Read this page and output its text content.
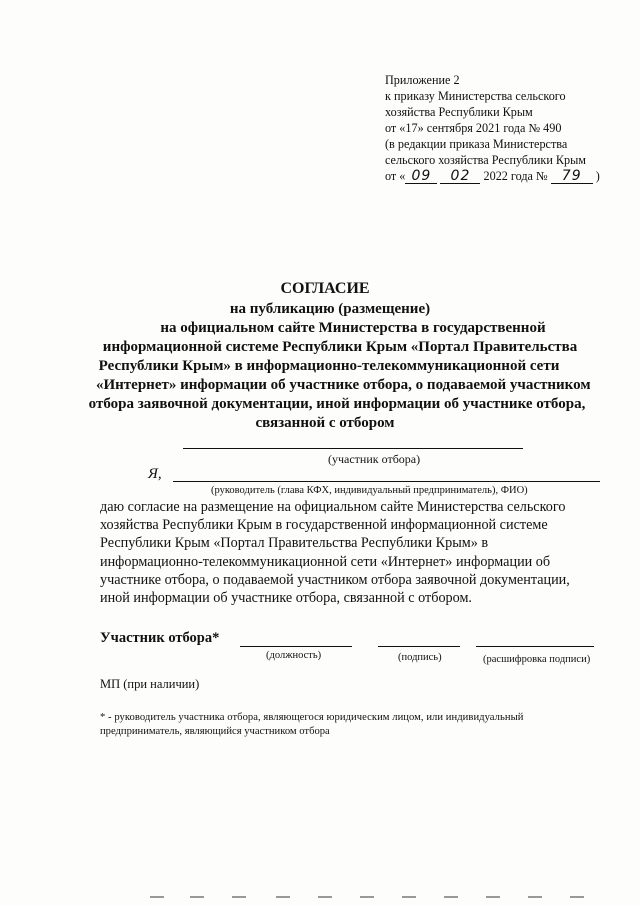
Приложение 2
к приказу Министерства сельского
хозяйства Республики Крым
от «17» сентября 2021 года № 490
(в редакции приказа Министерства
сельского хозяйства Республики Крым
от « 09 02 2022 года № 79 )
СОГЛАСИЕ
на публикацию (размещение)
на официальном сайте Министерства в государственной
информационной системе Республики Крым «Портал Правительства
Республики Крым» в информационно-телекоммуникационной сети
«Интернет» информации об участнике отбора, о подаваемой участником
отбора заявочной документации, иной информации об участнике отбора,
связанной с отбором
(участник отбора)
Я,
(руководитель (глава КФХ, индивидуальный предприниматель), ФИО)
даю согласие на размещение на официальном сайте Министерства сельского
хозяйства Республики Крым в государственной информационной системе
Республики Крым «Портал Правительства Республики Крым» в
информационно-телекоммуникационной сети «Интернет» информации об
участнике отбора, о подаваемой участником отбора заявочной документации,
иной информации об участнике отбора, связанной с отбором.
Участник отбора*
(должность)	(подпись)	(расшифровка подписи)
МП (при наличии)
* - руководитель участника отбора, являющегося юридическим лицом, или индивидуальный
предприниматель, являющийся участником отбора
